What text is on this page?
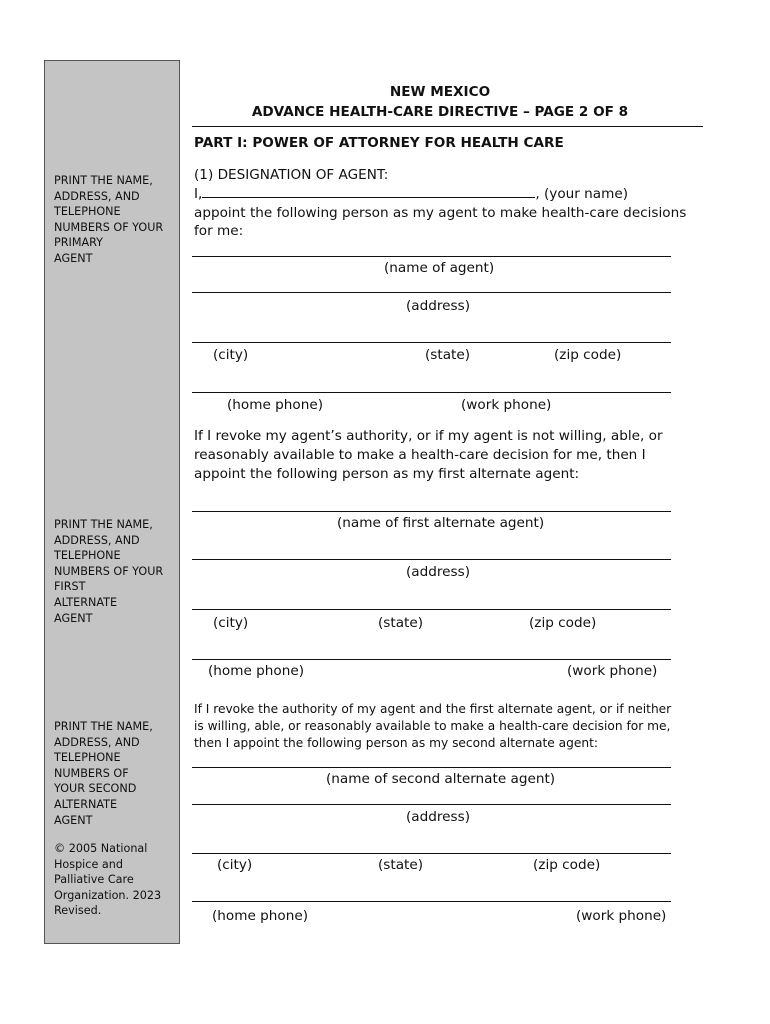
PRINT THE NAME,
ADDRESS, AND
TELEPHONE
NUMBERS OF YOUR
PRIMARY
AGENT
PRINT THE NAME,
ADDRESS, AND
TELEPHONE
NUMBERS OF YOUR
FIRST
ALTERNATE
AGENT
PRINT THE NAME,
ADDRESS, AND
TELEPHONE
NUMBERS OF
YOUR SECOND
ALTERNATE
AGENT
© 2005 National
Hospice and
Palliative Care
Organization. 2023
Revised.
NEW MEXICO
ADVANCE HEALTH-CARE DIRECTIVE – PAGE 2 OF 8
PART I: POWER OF ATTORNEY FOR HEALTH CARE
(1) DESIGNATION OF AGENT:
I,	, (your name)
appoint the following person as my agent to make health-care decisions
for me:
(name of agent)
(address)
(city)	(state)	(zip code)
(home phone)	(work phone)
If I revoke my agent’s authority, or if my agent is not willing, able, or
reasonably available to make a health-care decision for me, then I
appoint the following person as my first alternate agent:
(name of first alternate agent)
(address)
(city)	(state)	(zip code)
(home phone)	(work phone)
If I revoke the authority of my agent and the first alternate agent, or if neither
is willing, able, or reasonably available to make a health-care decision for me,
then I appoint the following person as my second alternate agent:
(name of second alternate agent)
(address)
(city)	(state)	(zip code)
(home phone)	(work phone)
